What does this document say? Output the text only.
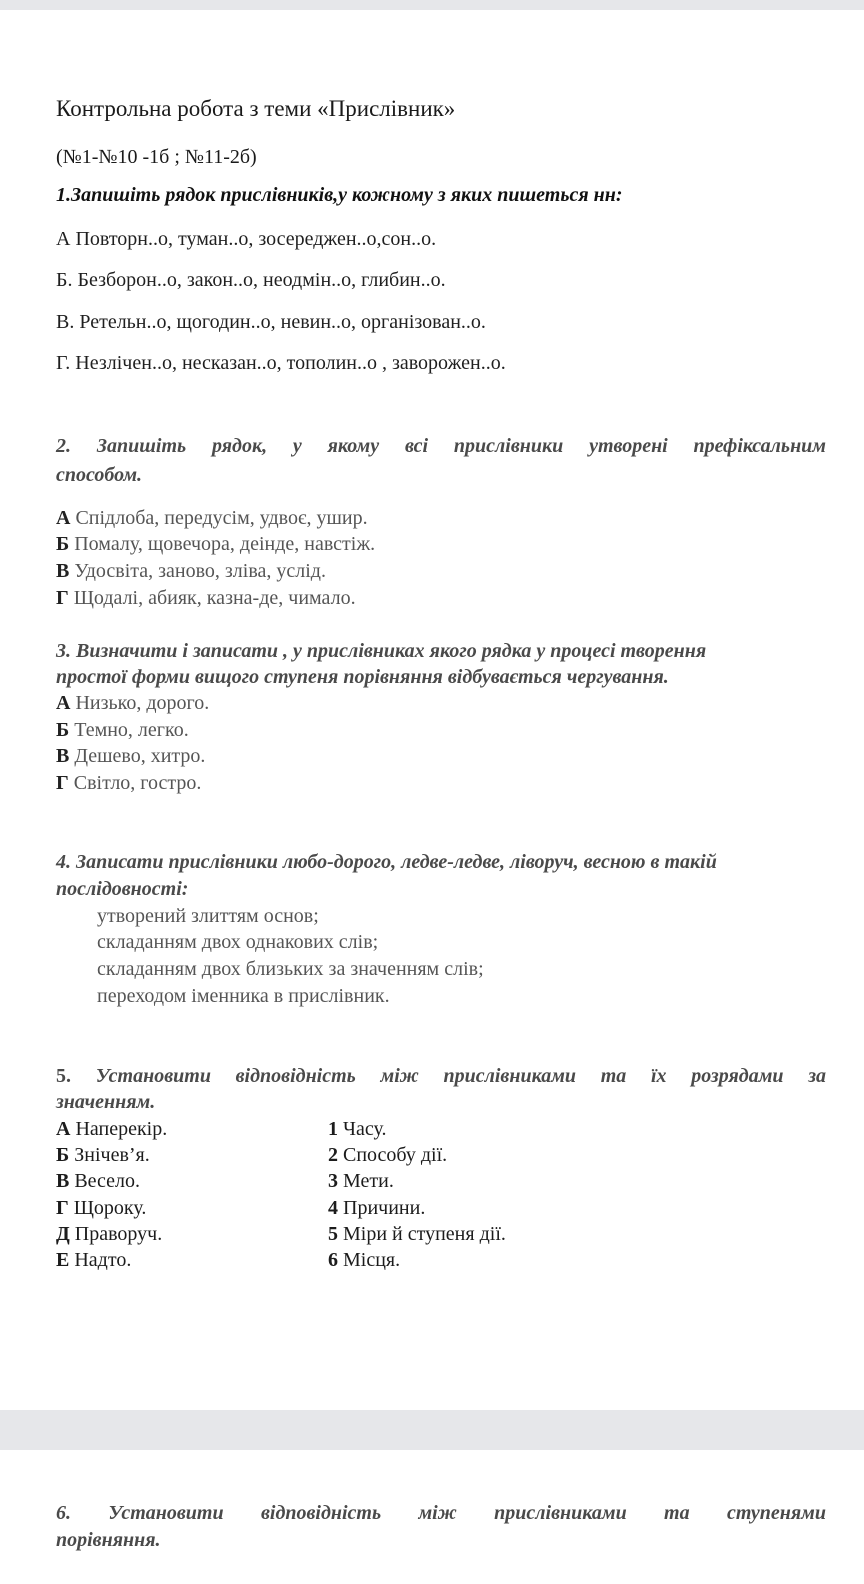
Контрольна робота з теми «Прислівник»
(№1-№10 -1б ; №11-2б)
1.Запишіть рядок прислівників,у кожному з яких пишеться нн:
А Повторн..о, туман..о, зосереджен..о,сон..о.
Б. Безборон..о, закон..о, неодмін..о, глибин..о.
В. Ретельн..о, щогодин..о, невин..о, організован..о.
Г. Незлічен..о, несказан..о, тополин..о , заворожен..о.
2. Запишіть рядок, у якому всі прислівники утворені префіксальним
способом.
А Спідлоба, передусім, удвоє, ушир.
Б Помалу, щовечора, деінде, навстіж.
В Удосвіта, заново, зліва, услід.
Г Щодалі, абияк, казна-де, чимало.
3. Визначити і записати , у прислівниках якого рядка у процесі творення
простої форми вищого ступеня порівняння відбувається чергування.
А Низько, дорого.
Б Темно, легко.
В Дешево, хитро.
Г Світло, гостро.
4. Записати прислівники любо-дорого, ледве-ледве, ліворуч, весною в такій
послідовності:
утворений злиттям основ;
складанням двох однакових слів;
складанням двох близьких за значенням слів;
переходом іменника в прислівник.
5. Установити відповідність між прислівниками та їх розрядами за
значенням.
А Наперекір.
Б Знічев’я.
В Весело.
Г Щороку.
Д Праворуч.
Е Надто.
1 Часу.
2 Способу дії.
3 Мети.
4 Причини.
5 Міри й ступеня дії.
6 Місця.
6. Установити відповідність між прислівниками та ступенями
порівняння.
